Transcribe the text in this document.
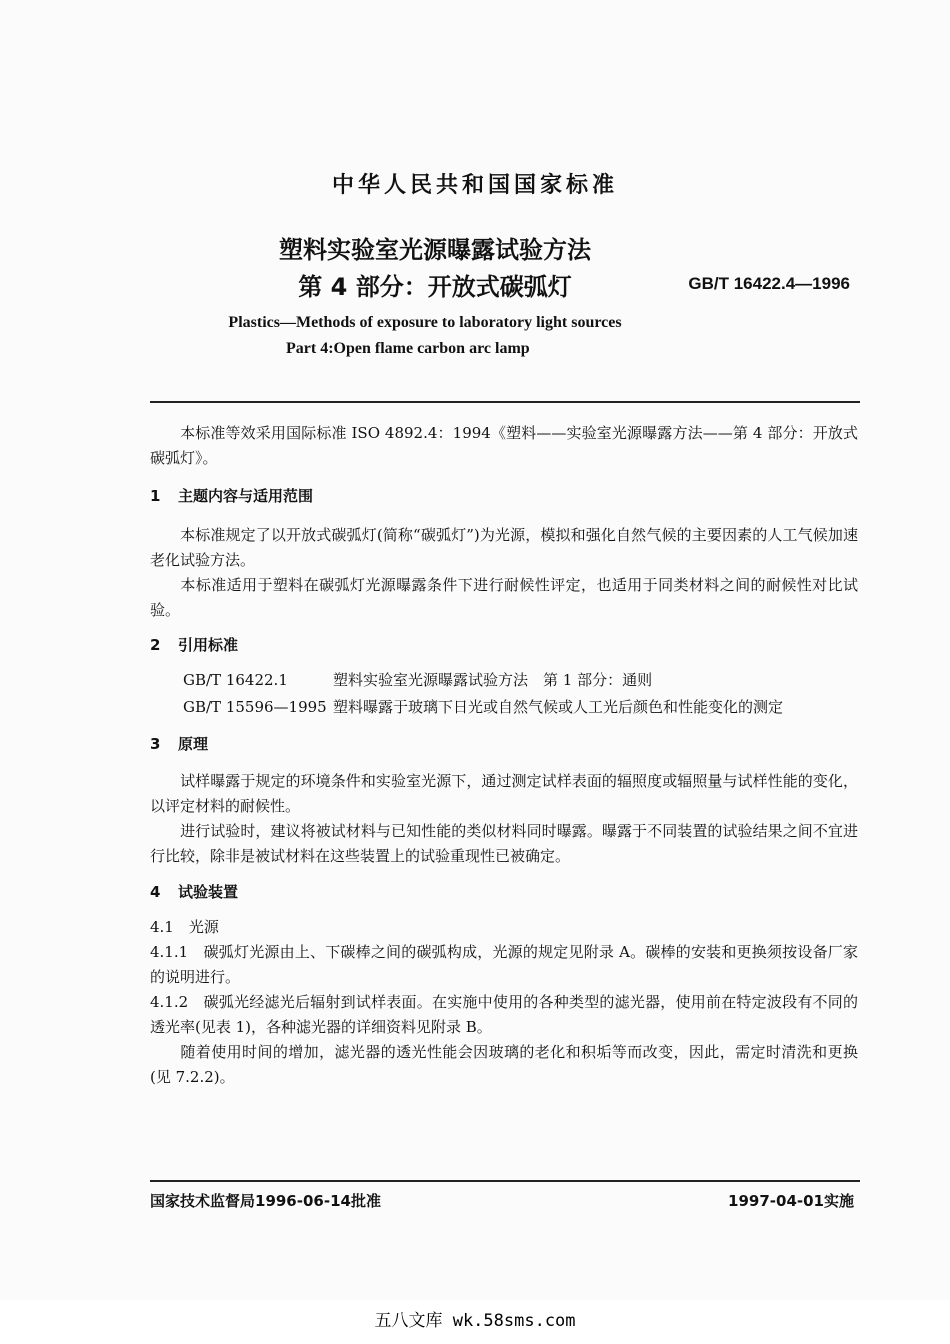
中华人民共和国国家标准
塑料实验室光源曝露试验方法
第 4 部分：开放式碳弧灯	GB/T 16422.4—1996
Plastics—Methods of exposure to laboratory light sources
Part 4:Open flame carbon arc lamp
本标准等效采用国际标准 ISO 4892.4：1994《塑料——实验室光源曝露方法——第 4 部分：开放式碳弧灯》。
1 主题内容与适用范围
本标准规定了以开放式碳弧灯(简称“碳弧灯”)为光源，模拟和强化自然气候的主要因素的人工气候加速老化试验方法。
本标准适用于塑料在碳弧灯光源曝露条件下进行耐候性评定，也适用于同类材料之间的耐候性对比试验。
2 引用标准
GB/T 16422.1	塑料实验室光源曝露试验方法　第 1 部分：通则
GB/T 15596—1995 塑料曝露于玻璃下日光或自然气候或人工光后颜色和性能变化的测定
3 原理
试样曝露于规定的环境条件和实验室光源下，通过测定试样表面的辐照度或辐照量与试样性能的变化，以评定材料的耐候性。
进行试验时，建议将被试材料与已知性能的类似材料同时曝露。曝露于不同装置的试验结果之间不宜进行比较，除非是被试材料在这些装置上的试验重现性已被确定。
4 试验装置
4.1　 光源
4.1.1　 碳弧灯光源由上、下碳棒之间的碳弧构成，光源的规定见附录 A。碳棒的安装和更换须按设备厂家的说明进行。
4.1.2　 碳弧光经滤光后辐射到试样表面。在实施中使用的各种类型的滤光器，使用前在特定波段有不同的透光率(见表 1)，各种滤光器的详细资料见附录 B。
随着使用时间的增加，滤光器的透光性能会因玻璃的老化和积垢等而改变，因此，需定时清洗和更换(见 7.2.2)。
国家技术监督局1996-06-14批准	1997-04-01实施
五八文库 wk.58sms.com
